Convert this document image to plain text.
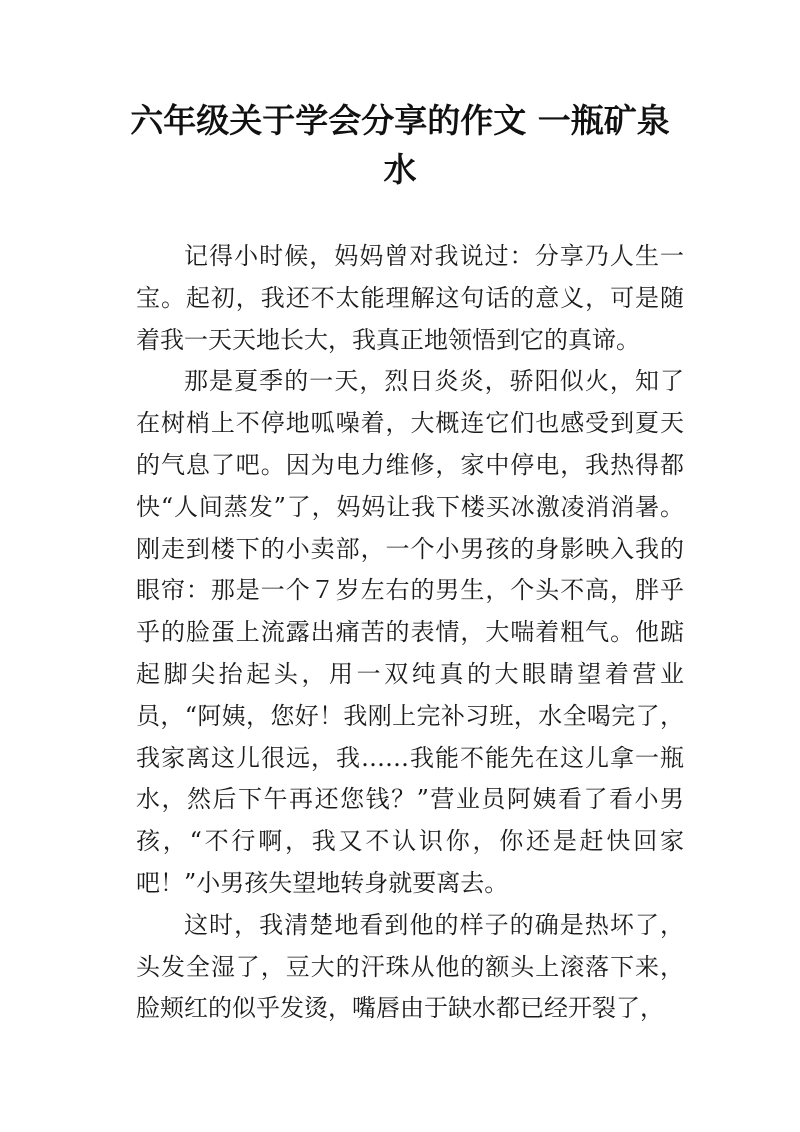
六年级关于学会分享的作文 一瓶矿泉水

记得小时候，妈妈曾对我说过：分享乃人生一宝。起初，我还不太能理解这句话的意义，可是随着我一天天地长大，我真正地领悟到它的真谛。

那是夏季的一天，烈日炎炎，骄阳似火，知了在树梢上不停地呱噪着，大概连它们也感受到夏天的气息了吧。因为电力维修，家中停电，我热得都快“人间蒸发”了，妈妈让我下楼买冰激凌消消暑。刚走到楼下的小卖部，一个小男孩的身影映入我的眼帘：那是一个７岁左右的男生，个头不高，胖乎乎的脸蛋上流露出痛苦的表情，大喘着粗气。他踮起脚尖抬起头，用一双纯真的大眼睛望着营业员，“阿姨，您好！我刚上完补习班，水全喝完了，我家离这儿很远，我……我能不能先在这儿拿一瓶水，然后下午再还您钱？”营业员阿姨看了看小男孩，“不行啊，我又不认识你，你还是赶快回家吧！”小男孩失望地转身就要离去。

这时，我清楚地看到他的样子的确是热坏了，头发全湿了，豆大的汗珠从他的额头上滚落下来，脸颊红的似乎发烫，嘴唇由于缺水都已经开裂了，
